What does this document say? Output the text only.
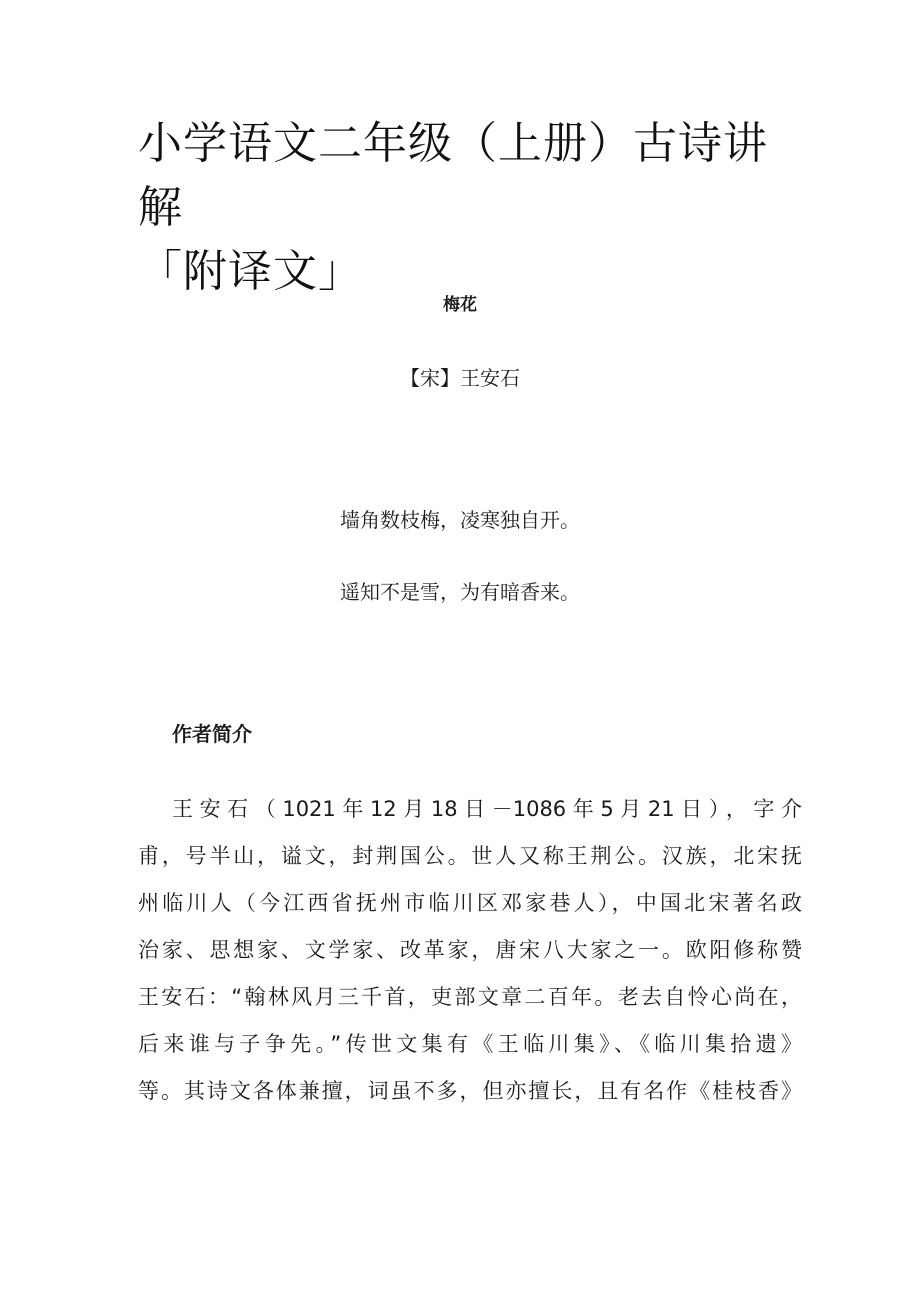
小学语文二年级（上册）古诗讲解
「附译文」
梅花
【宋】王安石
墙角数枝梅，凌寒独自开。
遥知不是雪，为有暗香来。
作者简介
王安石（1021年12月18日－1086年5月21日），字介
甫，号半山，谥文，封荆国公。世人又称王荆公。汉族，北宋抚
州临川人（今江西省抚州市临川区邓家巷人），中国北宋著名政
治家、思想家、文学家、改革家，唐宋八大家之一。欧阳修称赞
王安石：“翰林风月三千首，吏部文章二百年。老去自怜心尚在，
后来谁与子争先。”传世文集有《王临川集》、《临川集拾遗》
等。其诗文各体兼擅，词虽不多，但亦擅长，且有名作《桂枝香》
